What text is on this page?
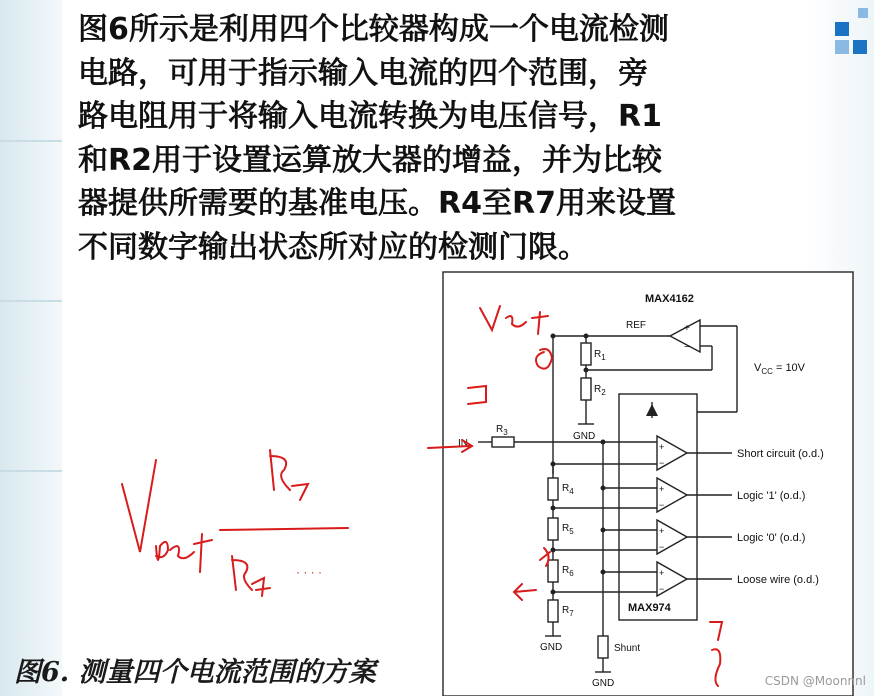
图6所示是利用四个比较器构成一个电流检测
电路，可用于指示输入电流的四个范围，旁
路电阻用于将输入电流转换为电压信号，R1
和R2用于设置运算放大器的增益，并为比较
器提供所需要的基准电压。R4至R7用来设置
不同数字输出状态所对应的检测门限。
MAX4162
REF	+
−
$V_{CC} = 10V$
$R_1$
$R_2$
GND
$R_3$
IN
$R_4$
$R_5$
$R_6$
$R_7$
GND	Shunt
GND
MAX974
+
−
+
−
+
−
+
−
Short circuit (o.d.)
Logic '1' (o.d.)
Logic '0' (o.d.)
Loose wire (o.d.)
· · · ·
图6. 测量四个电流范围的方案	CSDN @Moonnnl
